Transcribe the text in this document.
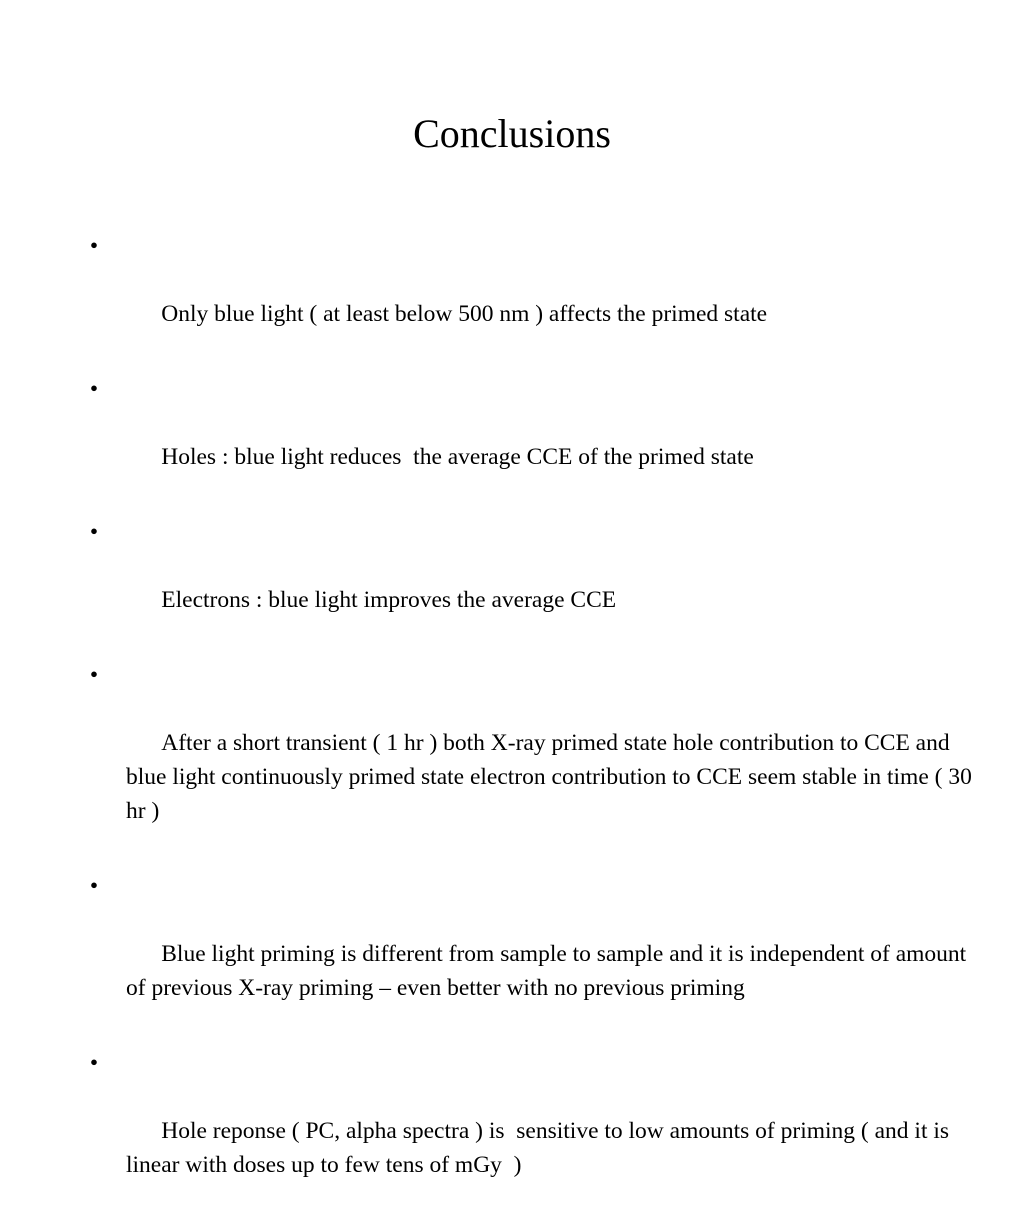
Conclusions

•

Only blue light ( at least below 500 nm ) affects the primed state

•

Holes : blue light reduces  the average CCE of the primed state

•

Electrons : blue light improves the average CCE

•

After a short transient ( 1 hr ) both X-ray primed state hole contribution to CCE and blue light continuously primed state electron contribution to CCE seem stable in time ( 30 hr )

•

Blue light priming is different from sample to sample and it is independent of amount of previous X-ray priming – even better with no previous priming

•

Hole reponse ( PC, alpha spectra ) is  sensitive to low amounts of priming ( and it is linear with doses up to few tens of mGy  )
